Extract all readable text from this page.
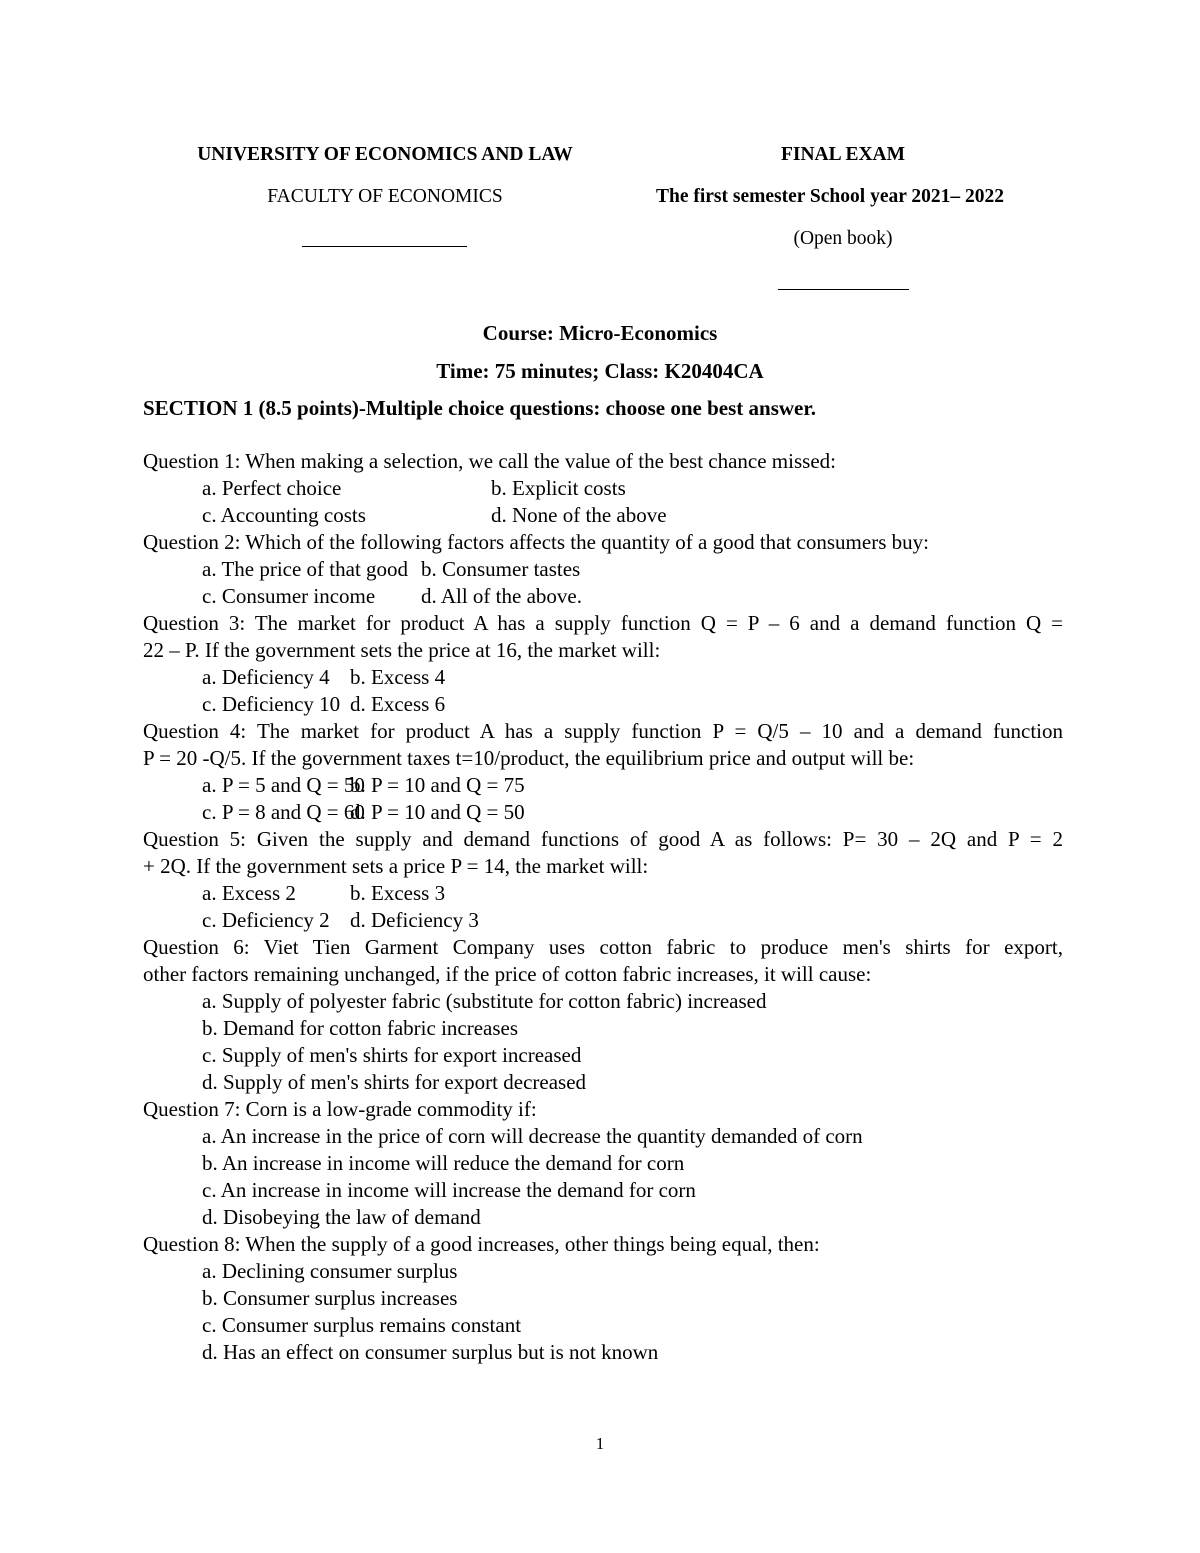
UNIVERSITY OF ECONOMICS AND LAW
FACULTY OF ECONOMICS
FINAL EXAM
The first semester School year 2021– 2022
(Open book)
Course: Micro-Economics
Time: 75 minutes; Class: K20404CA
SECTION 1 (8.5 points)-Multiple choice questions: choose one best answer.
Question 1: When making a selection, we call the value of the best chance missed:
a. Perfect choice	b. Explicit costs
c. Accounting costs	d. None of the above
Question 2: Which of the following factors affects the quantity of a good that consumers buy:
a. The price of that good b. Consumer tastes
c. Consumer income d. All of the above.
Question 3: The market for product A has a supply function Q = P – 6 and a demand function Q =
22 – P. If the government sets the price at 16, the market will:
a. Deficiency 4 b. Excess 4
c. Deficiency 10 d. Excess 6
Question 4: The market for product A has a supply function P = Q/5 – 10 and a demand function
P = 20 -Q/5. If the government taxes t=10/product, the equilibrium price and output will be:
a. P = 5 and Q = 50
b. P = 10 and Q = 75
c. P = 8 and Q = 60
d. P = 10 and Q = 50
Question 5: Given the supply and demand functions of good A as follows: P= 30 – 2Q and P = 2
+ 2Q. If the government sets a price P = 14, the market will:
a. Excess 2	b. Excess 3
c. Deficiency 2 d. Deficiency 3
Question 6: Viet Tien Garment Company uses cotton fabric to produce men's shirts for export,
other factors remaining unchanged, if the price of cotton fabric increases, it will cause:
a. Supply of polyester fabric (substitute for cotton fabric) increased
b. Demand for cotton fabric increases
c. Supply of men's shirts for export increased
d. Supply of men's shirts for export decreased
Question 7: Corn is a low-grade commodity if:
a. An increase in the price of corn will decrease the quantity demanded of corn
b. An increase in income will reduce the demand for corn
c. An increase in income will increase the demand for corn
d. Disobeying the law of demand
Question 8: When the supply of a good increases, other things being equal, then:
a. Declining consumer surplus
b. Consumer surplus increases
c. Consumer surplus remains constant
d. Has an effect on consumer surplus but is not known
1
